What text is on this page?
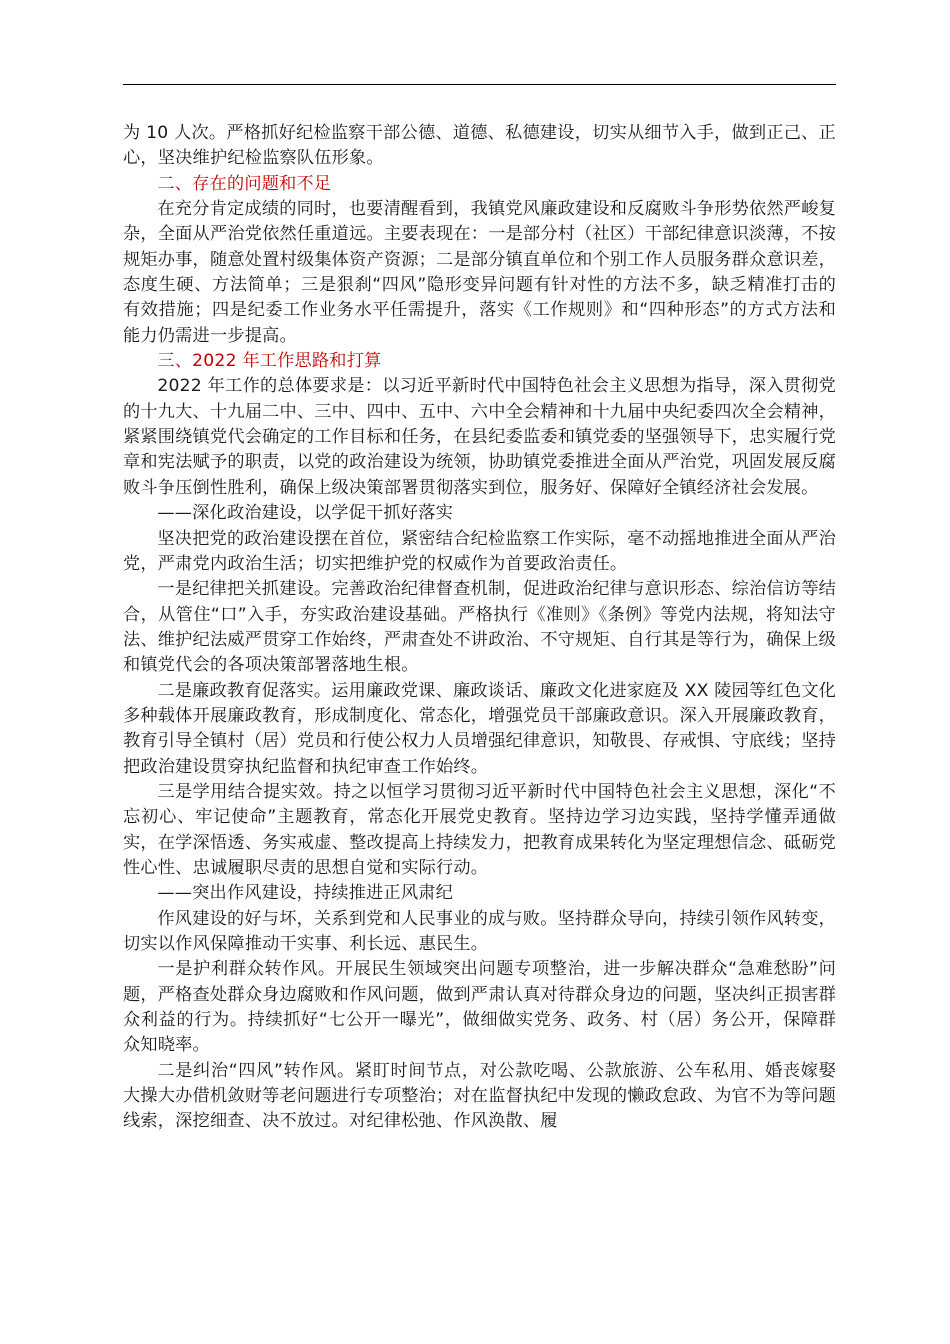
为 10 人次。严格抓好纪检监察干部公德、道德、私德建设，切实从细节入手，做到正己、正心，坚决维护纪检监察队伍形象。

二、存在的问题和不足

在充分肯定成绩的同时，也要清醒看到，我镇党风廉政建设和反腐败斗争形势依然严峻复杂，全面从严治党依然任重道远。主要表现在：一是部分村（社区）干部纪律意识淡薄，不按规矩办事，随意处置村级集体资产资源；二是部分镇直单位和个别工作人员服务群众意识差，态度生硬、方法简单；三是狠刹“四风”隐形变异问题有针对性的方法不多，缺乏精准打击的有效措施；四是纪委工作业务水平任需提升，落实《工作规则》和“四种形态”的方式方法和能力仍需进一步提高。

三、2022 年工作思路和打算

2022 年工作的总体要求是：以习近平新时代中国特色社会主义思想为指导，深入贯彻党的十九大、十九届二中、三中、四中、五中、六中全会精神和十九届中央纪委四次全会精神，紧紧围绕镇党代会确定的工作目标和任务，在县纪委监委和镇党委的坚强领导下，忠实履行党章和宪法赋予的职责，以党的政治建设为统领，协助镇党委推进全面从严治党，巩固发展反腐败斗争压倒性胜利，确保上级决策部署贯彻落实到位，服务好、保障好全镇经济社会发展。

——深化政治建设，以学促干抓好落实

坚决把党的政治建设摆在首位，紧密结合纪检监察工作实际，毫不动摇地推进全面从严治党，严肃党内政治生活；切实把维护党的权威作为首要政治责任。

一是纪律把关抓建设。完善政治纪律督查机制，促进政治纪律与意识形态、综治信访等结合，从管住“口”入手，夯实政治建设基础。严格执行《准则》《条例》等党内法规，将知法守法、维护纪法威严贯穿工作始终，严肃查处不讲政治、不守规矩、自行其是等行为，确保上级和镇党代会的各项决策部署落地生根。

二是廉政教育促落实。运用廉政党课、廉政谈话、廉政文化进家庭及 XX 陵园等红色文化多种载体开展廉政教育，形成制度化、常态化，增强党员干部廉政意识。深入开展廉政教育，教育引导全镇村（居）党员和行使公权力人员增强纪律意识，知敬畏、存戒惧、守底线；坚持把政治建设贯穿执纪监督和执纪审查工作始终。

三是学用结合提实效。持之以恒学习贯彻习近平新时代中国特色社会主义思想，深化“不忘初心、牢记使命”主题教育，常态化开展党史教育。坚持边学习边实践，坚持学懂弄通做实，在学深悟透、务实戒虚、整改提高上持续发力，把教育成果转化为坚定理想信念、砥砺党性心性、忠诚履职尽责的思想自觉和实际行动。

——突出作风建设，持续推进正风肃纪

作风建设的好与坏，关系到党和人民事业的成与败。坚持群众导向，持续引领作风转变，切实以作风保障推动干实事、利长远、惠民生。

一是护利群众转作风。开展民生领域突出问题专项整治，进一步解决群众“急难愁盼”问题，严格查处群众身边腐败和作风问题，做到严肃认真对待群众身边的问题，坚决纠正损害群众利益的行为。持续抓好“七公开一曝光”，做细做实党务、政务、村（居）务公开，保障群众知晓率。

二是纠治“四风”转作风。紧盯时间节点，对公款吃喝、公款旅游、公车私用、婚丧嫁娶大操大办借机敛财等老问题进行专项整治；对在监督执纪中发现的懒政怠政、为官不为等问题线索，深挖细查、决不放过。对纪律松弛、作风涣散、履
